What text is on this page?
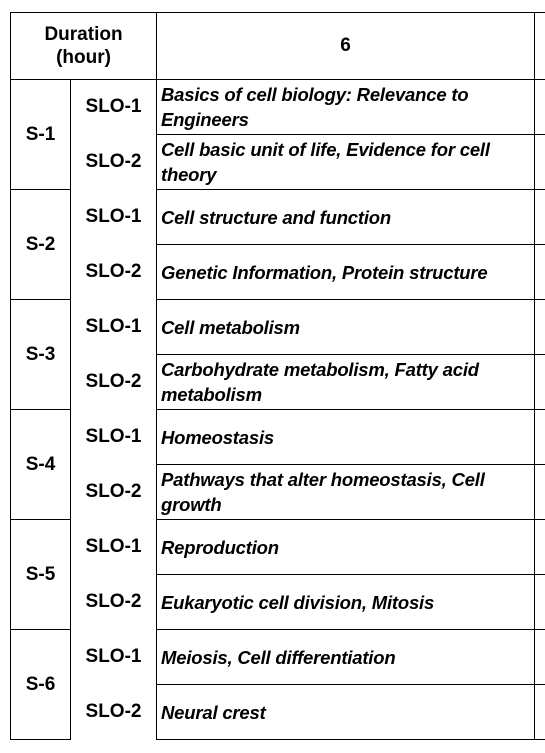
Duration
(hour)		6	
S-1	SLO-1	Basics of cell biology: Relevance to
Engineers	

	SLO-2	Cell basic unit of life, Evidence for cell
theory	

S-2	SLO-1	Cell structure and function	

	SLO-2	Genetic Information, Protein structure	

S-3	SLO-1	Cell metabolism	

	SLO-2	Carbohydrate metabolism, Fatty acid
metabolism	

S-4	SLO-1	Homeostasis	

	SLO-2	Pathways that alter homeostasis, Cell
growth	

S-5	SLO-1	Reproduction	

	SLO-2	Eukaryotic cell division, Mitosis	

S-6	SLO-1	Meiosis, Cell differentiation	

	SLO-2	Neural crest	
